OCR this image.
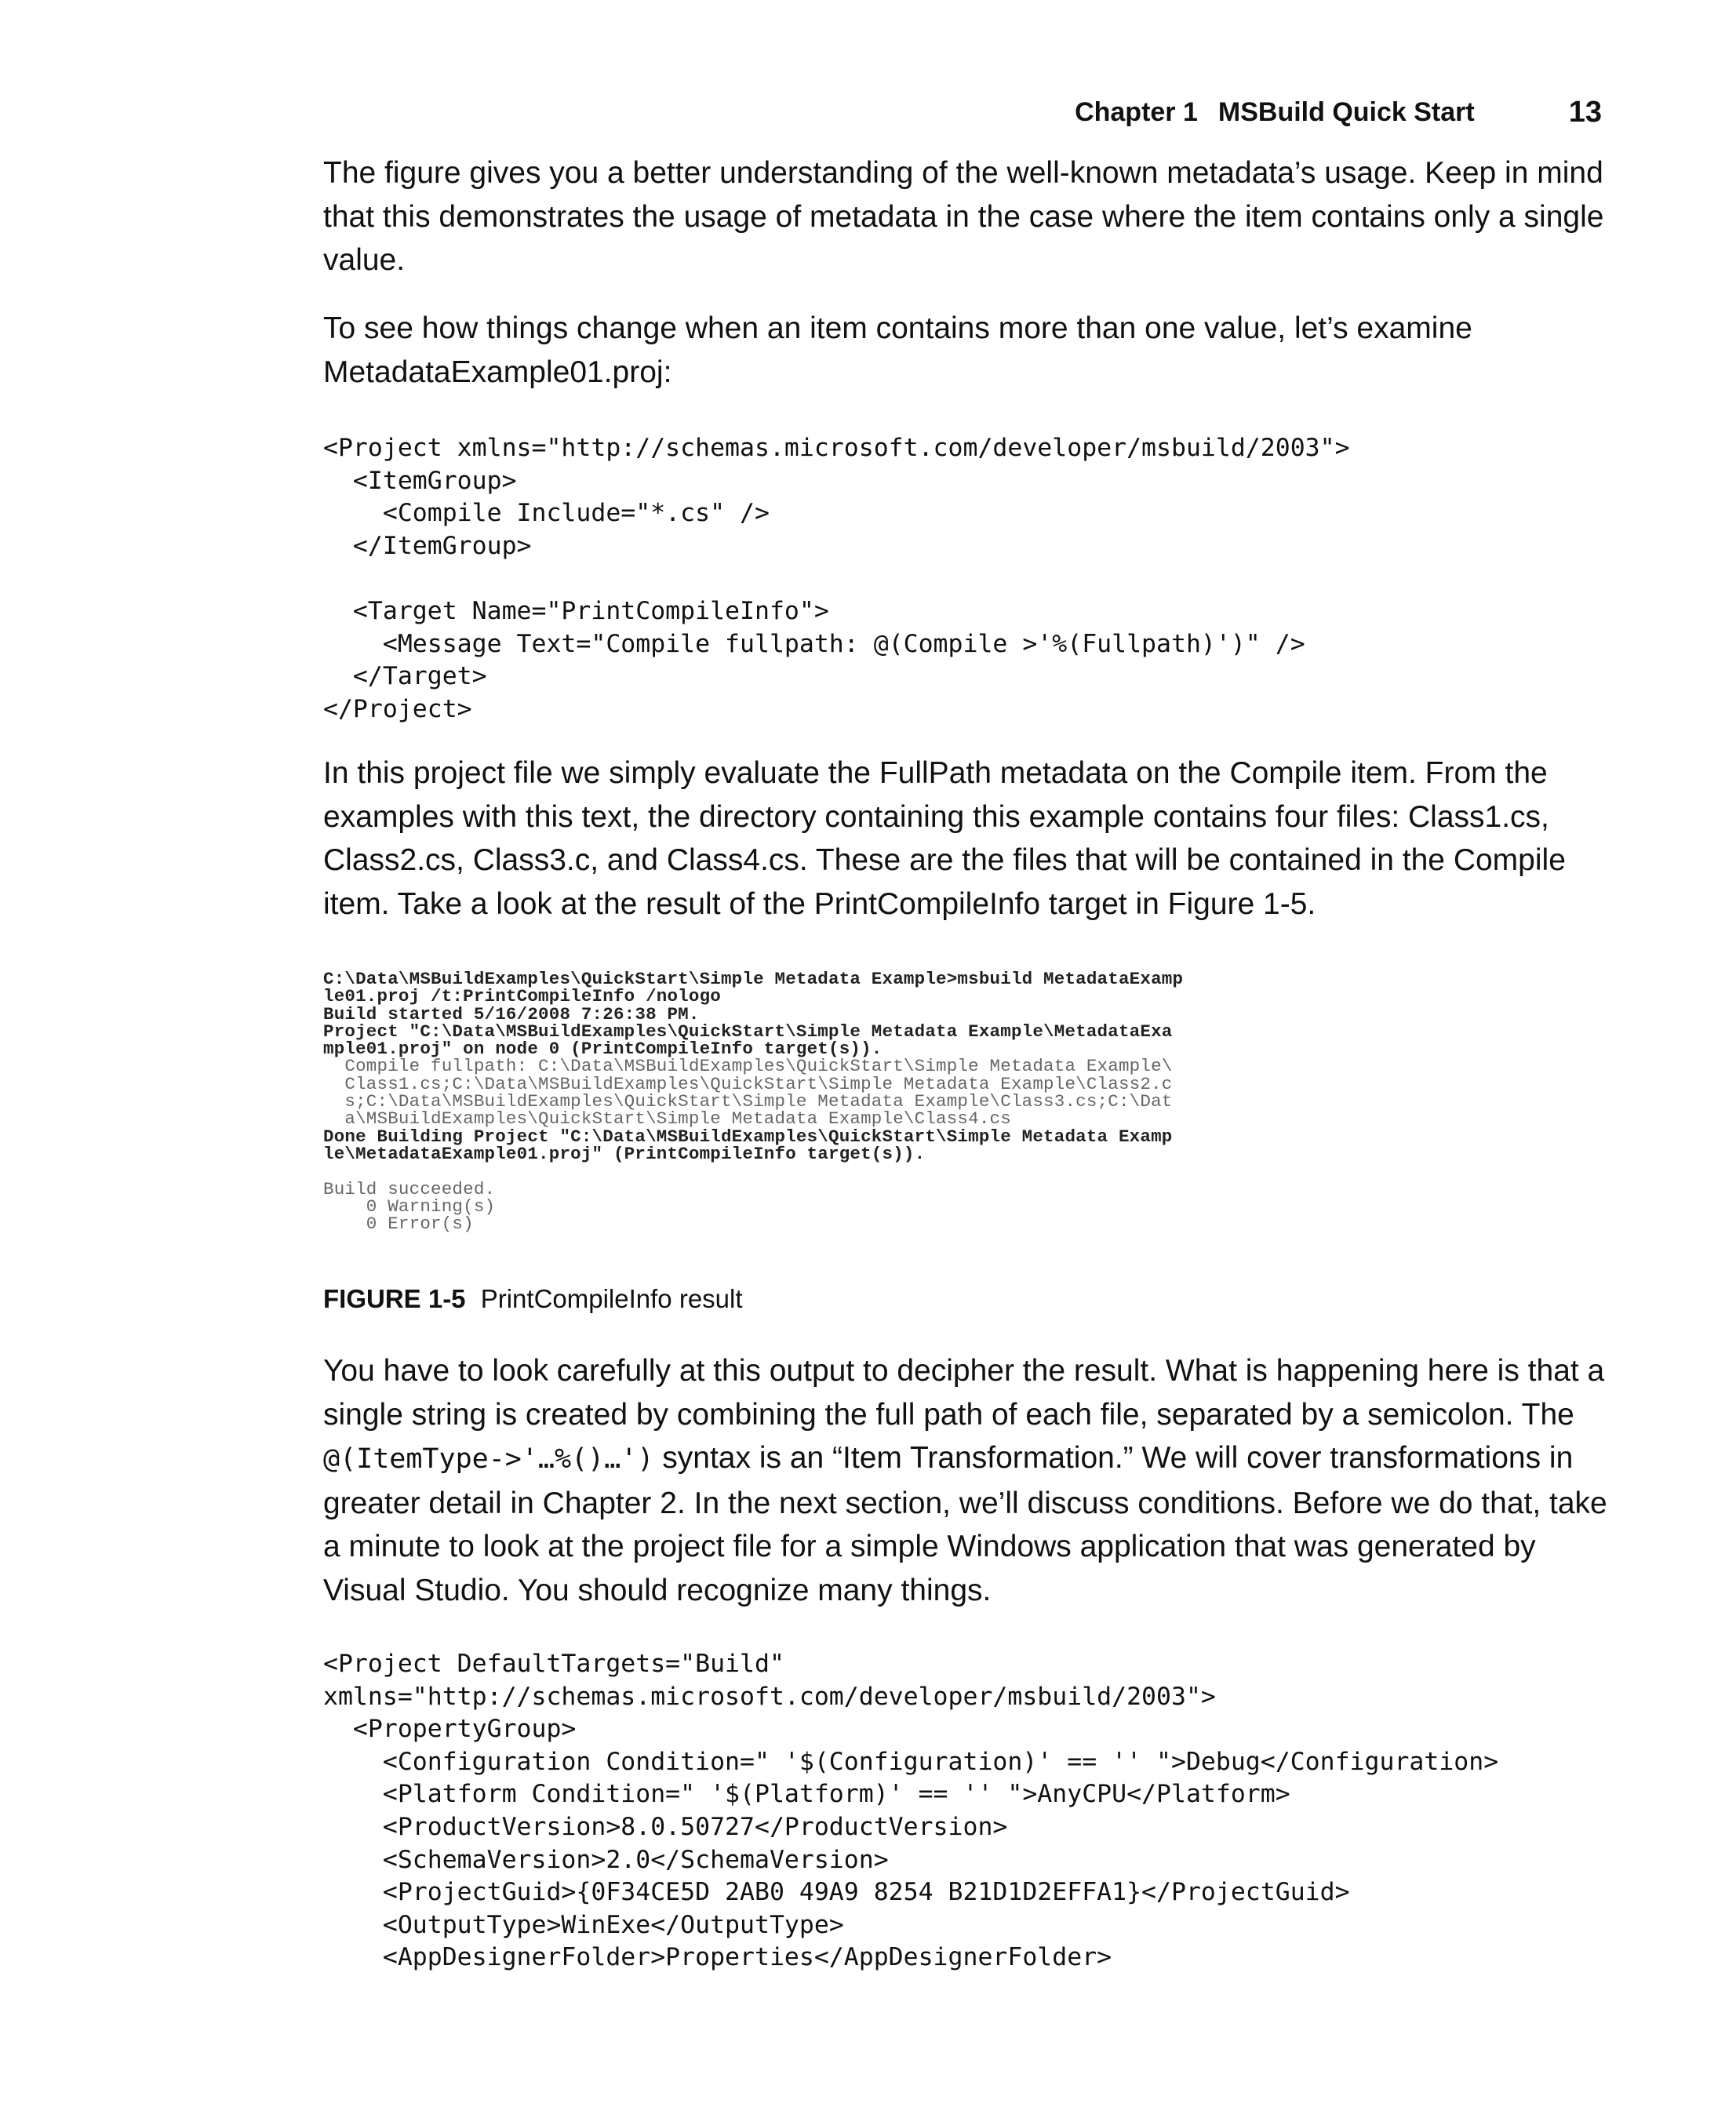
Chapter 1 MSBuild Quick Start	13

The figure gives you a better understanding of the well-known metadata’s usage. Keep in mind that this demonstrates the usage of metadata in the case where the item contains only a single value.

To see how things change when an item contains more than one value, let’s examine MetadataExample01.proj:

<Project xmlns="http://schemas.microsoft.com/developer/msbuild/2003">
<ItemGroup>
<Compile Include="*.cs" />
</ItemGroup>

<Target Name="PrintCompileInfo">
<Message Text="Compile fullpath: @(Compile >'%(Fullpath)')" />
</Target>
</Project>

In this project file we simply evaluate the FullPath metadata on the Compile item. From the examples with this text, the directory containing this example contains four files: Class1.cs, Class2.cs, Class3.c, and Class4.cs. These are the files that will be contained in the Compile item. Take a look at the result of the PrintCompileInfo target in Figure 1-5.

C:\Data\MSBuildExamples\QuickStart\Simple Metadata Example>msbuild MetadataExamp
le01.proj /t:PrintCompileInfo /nologo
Build started 5/16/2008 7:26:38 PM.
Project "C:\Data\MSBuildExamples\QuickStart\Simple Metadata Example\MetadataExa
mple01.proj" on node 0 (PrintCompileInfo target(s)).
Compile fullpath: C:\Data\MSBuildExamples\QuickStart\Simple Metadata Example\
Class1.cs;C:\Data\MSBuildExamples\QuickStart\Simple Metadata Example\Class2.c
s;C:\Data\MSBuildExamples\QuickStart\Simple Metadata Example\Class3.cs;C:\Dat
a\MSBuildExamples\QuickStart\Simple Metadata Example\Class4.cs
Done Building Project "C:\Data\MSBuildExamples\QuickStart\Simple Metadata Examp
le\MetadataExample01.proj" (PrintCompileInfo target(s)).

Build succeeded.
0 Warning(s)
0 Error(s)
FIGURE 1-5 PrintCompileInfo result

You have to look carefully at this output to decipher the result. What is happening here is that a single string is created by combining the full path of each file, separated by a semicolon. The @(ItemType->'…%()…') syntax is an “Item Transformation.” We will cover transformations in greater detail in Chapter 2. In the next section, we’ll discuss conditions. Before we do that, take a minute to look at the project file for a simple Windows application that was generated by Visual Studio. You should recognize many things.

<Project DefaultTargets="Build"
xmlns="http://schemas.microsoft.com/developer/msbuild/2003">
<PropertyGroup>
<Configuration Condition=" '$(Configuration)' == '' ">Debug</Configuration>
<Platform Condition=" '$(Platform)' == '' ">AnyCPU</Platform>
<ProductVersion>8.0.50727</ProductVersion>
<SchemaVersion>2.0</SchemaVersion>
<ProjectGuid>{0F34CE5D 2AB0 49A9 8254 B21D1D2EFFA1}</ProjectGuid>
<OutputType>WinExe</OutputType>
<AppDesignerFolder>Properties</AppDesignerFolder>
